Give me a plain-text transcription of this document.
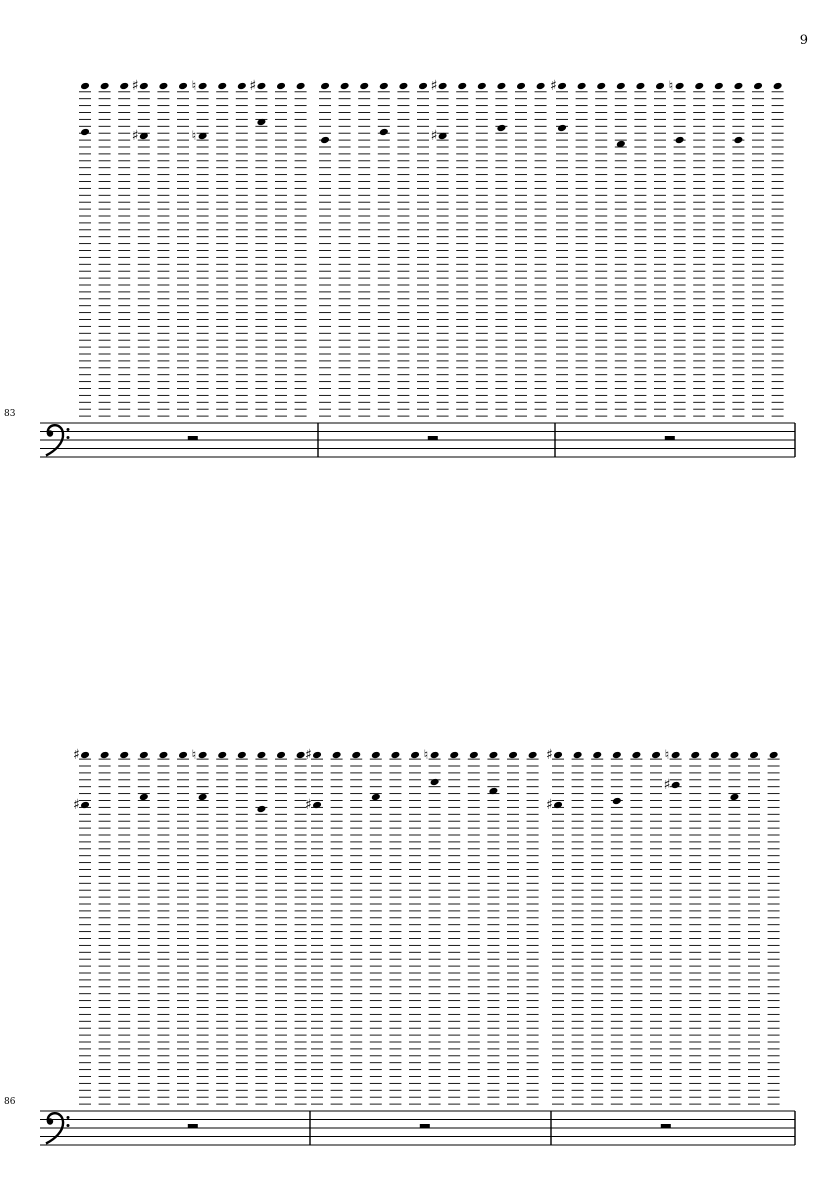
9
83
86
♯
♯
♮
♮
♯	♯
♯
♯	♮
♯
♯
♮	♯
♯
♮	♯
♯
♮
♯
